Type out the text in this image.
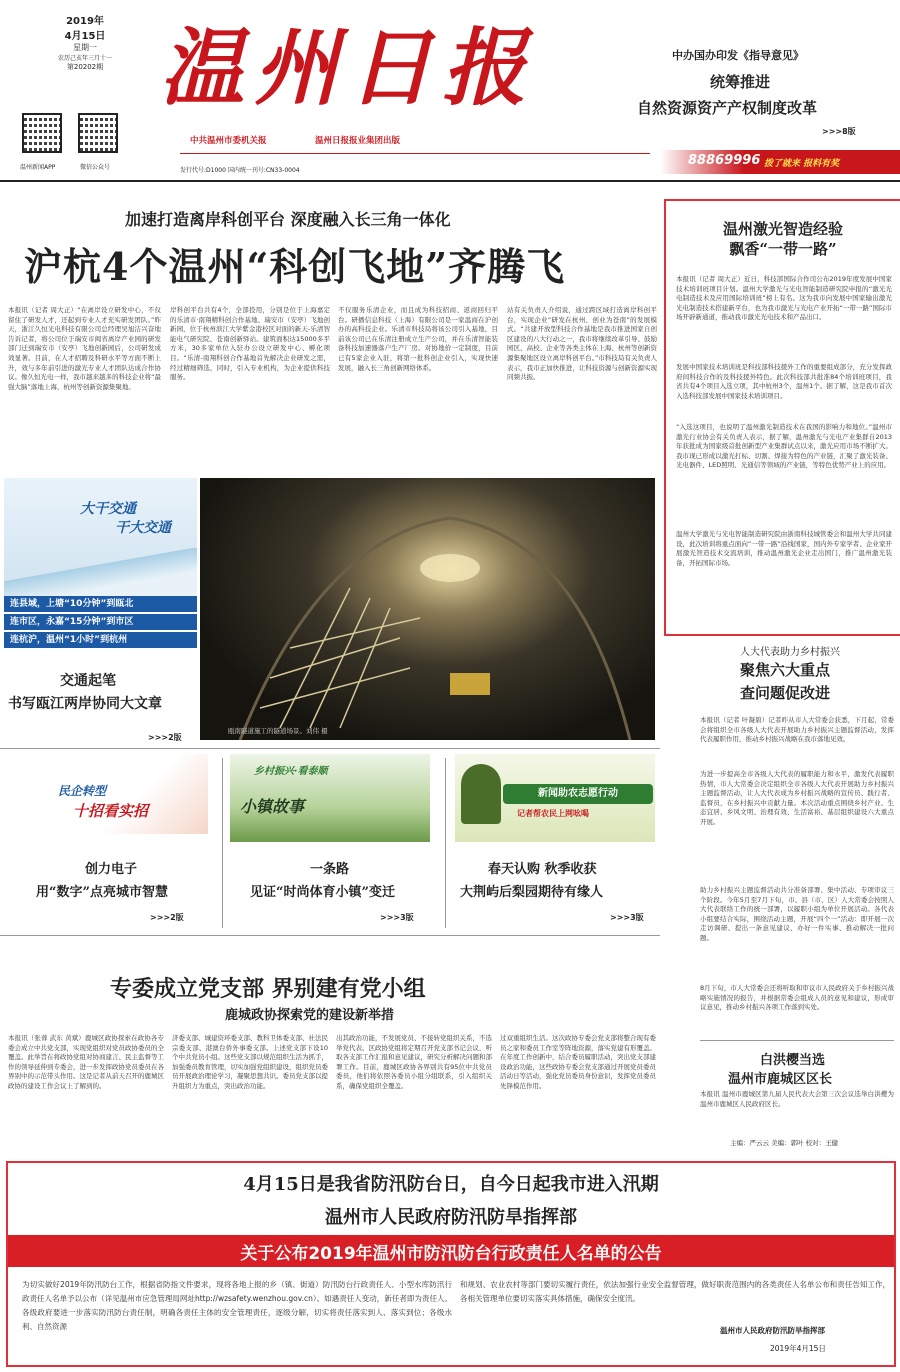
2019年
4月15日
星期一
农历己亥年三月十一
第20202期
温州新闻APP	微信公众号
温州日报
中共温州市委机关报	温州日报报业集团出版
发行代号:D1000 国内统一刊号:CN33-0004
中办国办印发《指导意见》
统筹推进
自然资源资产产权制度改革
>>>8版
88869996 拨了就来 报料有奖
加速打造离岸科创平台 深度融入长三角一体化
沪杭4个温州“科创飞地”齐腾飞
本报讯（记者 周大正）“在离岸设立研发中心，不仅留住了研发人才，还起到专业人才充实研发团队。”昨天，浙江久恒光电科技有限公司总经理吴旭洁兴奋地告诉记者，将公司位于瑞安市闽省离岸产业园的研发部门迁到瑞安市（安亭）飞地创新园后，公司研发成效显著。目前，在人才招聘及科研水平等方面不断上升，效与多年前引进的激光专业人才团队达成合作协议。像久恒光电一样，我市越来越多的科技企业将“最强大脑”落地上海、杭州等创新资源集聚地。
岸科创平台共有4个，全部投用，分别是位于上海嘉定的乐清市·南翔精科创合作基地、瑞安市（安亭）飞地创新园，位于杭州滨江大学紫金港校区对面的新天-乐清智能电气研究院、苍南创新驿站。建筑面积达15000多平方米，30多家单位入驻办公设立研发中心、孵化项目。“乐清-南翔科创合作基地首先解决企业研发之需，经过精细筛选，同时，引入专业机构，为企业提供科技服务。
不仅服务乐清企业，而且成为科技招商、返商回归平台。研播信息科技（上海）有限公司是一家温商在沪创办的高科技企业。乐清市科技局将该公司引入基地，目前该公司已在乐清注册成立生产公司，并在乐清智能装备科技加速器落户生产厂房。对协地价一定制度，目前已有5家企业入驻，将第一批科创企业引入，实现快速发展，融入长三角创新网络体系。
站有关负责人介绍说，通过跨区域打造离岸科创平台，实现企业“研发在杭州、创业为苍南”的发展模式。“共建开放型科技合作基地是我市推进国家自创区建设的八大行动之一，我市将继续改革引导、鼓励园区、高校、企业等各类主体在上海、杭州等创新资源集聚地区设立离岸科创平台。”市科技局有关负责人表示，我市正加快推进，让科技资源与创新资源实现同频共振。
温州激光智造经验
飘香“一带一路”
本报讯（记者 周大正）近日，科技部国际合作司公布2019年度发展中国家技术培训班项目计划。温州大学激光与光电智能制造研究院申报的“激光光电制造技术及应用国际培训班”榜上有名。这为我市向发展中国家输出激光光电制造技术搭建新平台，也为我市激光与光电产业开拓“一带一路”国际市场开辟新通道，推动我市激光光电技术和产品出口。
发展中国家技术培训班是科技部科技援外工作的重要组成部分，充分发挥政府间科技合作的及科技援外特色。此次科技部共批准84个培训班项目，我省共有4个项目入选立项，其中杭州3个，温州1个。据了解，这是我市首次入选科技部发展中国家技术培训项目。
“入选这项目，也说明了温州激光制造技术在我国的影响力和地位。”温州市激光行业协会有关负责人表示，据了解，温州激光与光电产业集群自2013年获批成为国家级首批创新型产业集群试点以来，激光应用市场不断扩大。我市现已形成以激光打标、切割、焊接为特色的产业链，汇聚了激光装备、光电器件、LED照明、光通信等领域的产业链，等特色优势产业上的应用。
温州大学激光与光电智能制造研究院由浙南科技城管委会和温州大学共同建设，此次培训将重点面向“一带一路”沿线国家，国内外专家学者、企业家开展激光智造技术交流培训，推动温州激光企业走出国门，推广温州激光装备，开拓国际市场。
大干交通
干大交通
连县域，上塘“10分钟”到瓯北
连市区，永嘉“15分钟”到市区
连杭沪，温州“1小时”到杭州
交通起笔
书写瓯江两岸协同大文章
瓯南隧道施工的隧道场景。刘伟 摄
>>>2版
人大代表助力乡村振兴
聚焦六大重点
查问题促改进
本报讯（记者 叶凝碧）记者昨从市人大常委会获悉，下月起，常委会将组织全市各级人大代表开展助力乡村振兴主题监督活动，发挥代表履职作用，推动乡村振兴战略在我市落地见效。
为进一步提高全市各级人大代表的履职能力和水平，激发代表履职热情，市人大常委会决定组织全市各级人大代表开展助力乡村振兴主题监督活动，让人大代表成为乡村振兴战略的宣传员、践行者、监督员，在乡村振兴中贡献力量。本次活动重点围绕乡村产业、生态宜居、乡风文明、治理有效、生活富裕、基层组织建设六大重点开展。
助力乡村振兴主题监督活动共分准备部署、集中活动、专项审议三个阶段。今年5月至7月下旬，市、县（市、区）人大常委会按照人大代表联络工作的统一部署，以履职小组为单位开展活动。各代表小组要结合实际，围绕活动主题，开展“四个一”活动：即开展一次走访调研、提出一条意见建议、办好一件实事、推动解决一批问题。
8月下旬，市人大常委会还将听取和审议市人民政府关于乡村振兴战略实施情况的报告，并根据常委会组成人员的意见和建议，形成审议意见，推动乡村振兴各项工作落到实处。
白洪樱当选
温州市鹿城区区长
本报讯 温州市鹿城区第九届人民代表大会第三次会议选举白洪樱为温州市鹿城区人民政府区长。
主编：严云云 美编：郭叶 校对：王健
民企转型
十招看实招
创力电子
用“数字”点亮城市智慧
>>>2版
乡村振兴·看泰顺
小镇故事
一条路
见证“时尚体育小镇”变迁
>>>3版
新闻助农志愿行动
记者帮农民上网吆喝
春天认购 秋季收获
大荆屿后梨园期待有缘人
>>>3版
专委成立党支部 界别建有党小组
鹿城政协探索党的建设新举措
本报讯（张蓉 武东 黄斌）鹿城区政协探索在政协各专委会成立中共党支部，实现党组织对党员政协委员的全覆盖。此举旨在将政协党组对协商建言、民主监督等工作的领导延伸到专委会，进一步发挥政协党员委员在各界别中的示范带头作用。这是记者从前天召开的鹿城区政协的建设工作会议上了解到的。
济委支部、城建资环委支部、教科卫体委支部、社法民宗委支部、港澳台侨外事委支部。上述党支部下设10个中共党员小组。这些党支部以规范组织生活为抓手，加强委员教育管理，切实加强党组织建设，组织党员委员开展政治理论学习，凝聚思想共识。委员党支部以提升组织力为重点，突出政治功能。
出其政治功能，不发展党员、不接转党组织关系，不选举党代表。区政协党组将定期召开党支部书记会议，听取各支部工作汇报和意见建议，研究分析解决问题和部署工作。目前，鹿城区政协各界别共有95位中共党员委员，他们将依照各委员小组分组联系，引入组织关系，确保党组织全覆盖。
过双重组织生活。这次政协专委会党支部将整合现有委员之家和委员工作室等阵地资源，落实党建有形覆盖。在年度工作创新中，结合委员履职活动，突出党支部建设政治功能，这些政协专委会党支部通过开展党员委员活动日等活动，强化党员委员身份意识，发挥党员委员先锋模范作用。
4月15日是我省防汛防台日，自今日起我市进入汛期
温州市人民政府防汛防旱指挥部
关于公布2019年温州市防汛防台行政责任人名单的公告
为切实做好2019年防汛防台工作，根据省防指文件要求，现将各地上报的乡（镇、街道）防汛防台行政责任人、小型水库防汛行政责任人名单予以公布（详见温州市应急管理局网址http://wzsafety.wenzhou.gov.cn）。如遇责任人变动，新任者即为责任人。各级政府要进一步落实防汛防台责任制，明确各责任主体的安全管理责任，逐级分解，切实将责任落实到人、落实到位；各级水利、自然资源
和规划、农业农村等部门要切实履行责任，依法加强行业安全监督管理，做好职责范围内的各类责任人名单公布和责任告知工作，各相关管理单位要切实落实具体措施，确保安全度汛。
温州市人民政府防汛防旱指挥部
2019年4月15日
